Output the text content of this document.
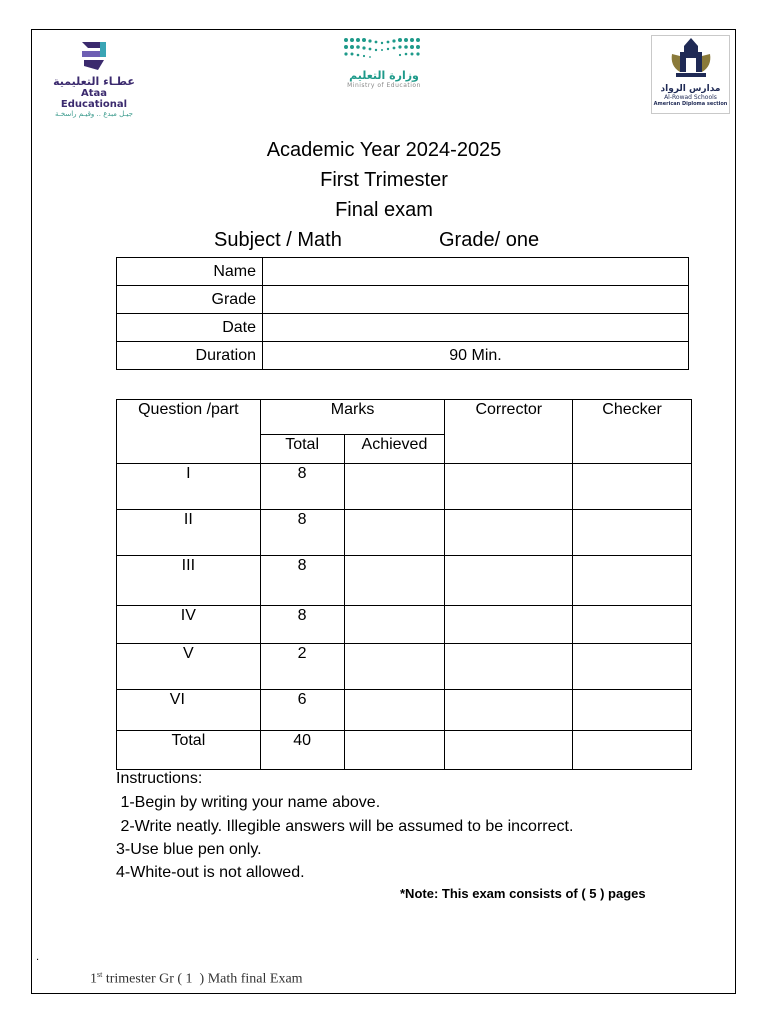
عطـاء التعليمية
Ataa Educational
جيـل مبدع .. وقيـم راسخـة
وزارة التعليم
Ministry of Education	مدارس الرواد
Al-Rowad Schools
American Diploma section
Academic Year 2024-2025
First Trimester
Final exam
Subject / Math	Grade/ one
Name	
Grade	
Date	
Duration	90 Min.
Question /part	Marks		Corrector	Checker
	Total	Achieved		
I	8			
II	8			
III	8			
IV	8			
V	2			
VI	6			
Total	40			
Instructions:
1-Begin by writing your name above.
2-Write neatly. Illegible answers will be assumed to be incorrect.
3-Use blue pen only.
4-White-out is not allowed.
*Note: This exam consists of ( 5 ) pages
.
1st trimester Gr ( 1  ) Math final Exam
